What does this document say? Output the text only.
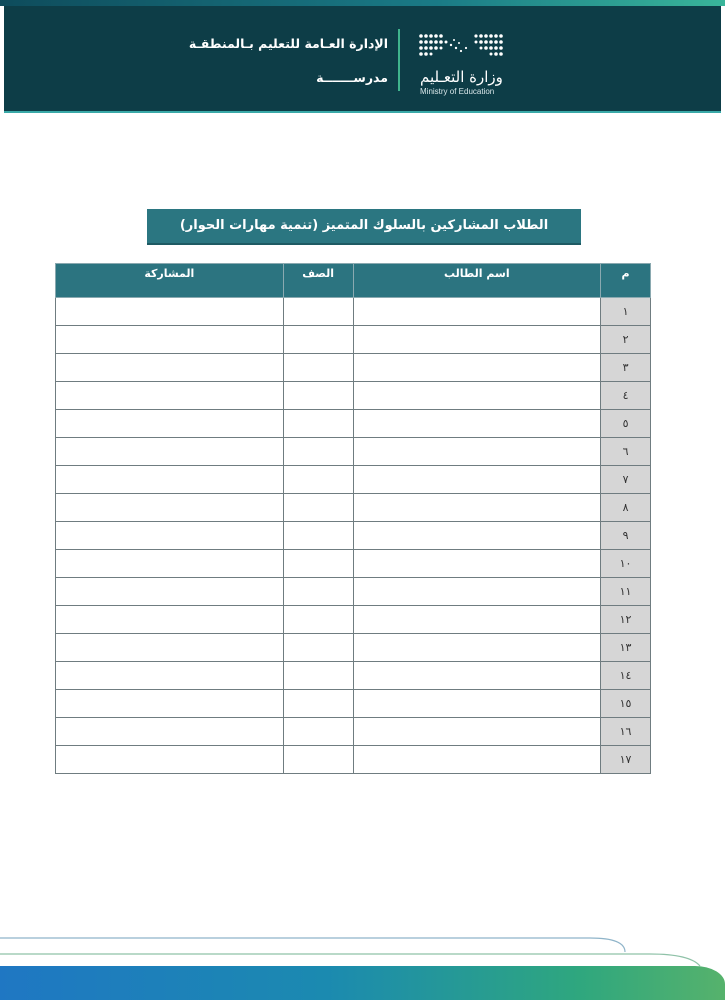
الإدارة العـامة للتعليم بـالمنطقـة
مدرســـــــة وزارة التعـليم
Ministry of Education
الطلاب المشاركين بالسلوك المتميز (تنمية مهارات الحوار)
م	اسم الطالب	الصف	المشاركة
١			
٢			
٣			
٤			
٥			
٦			
٧			
٨			
٩			
١٠			
١١			
١٢			
١٣			
١٤			
١٥			
١٦			
١٧			
